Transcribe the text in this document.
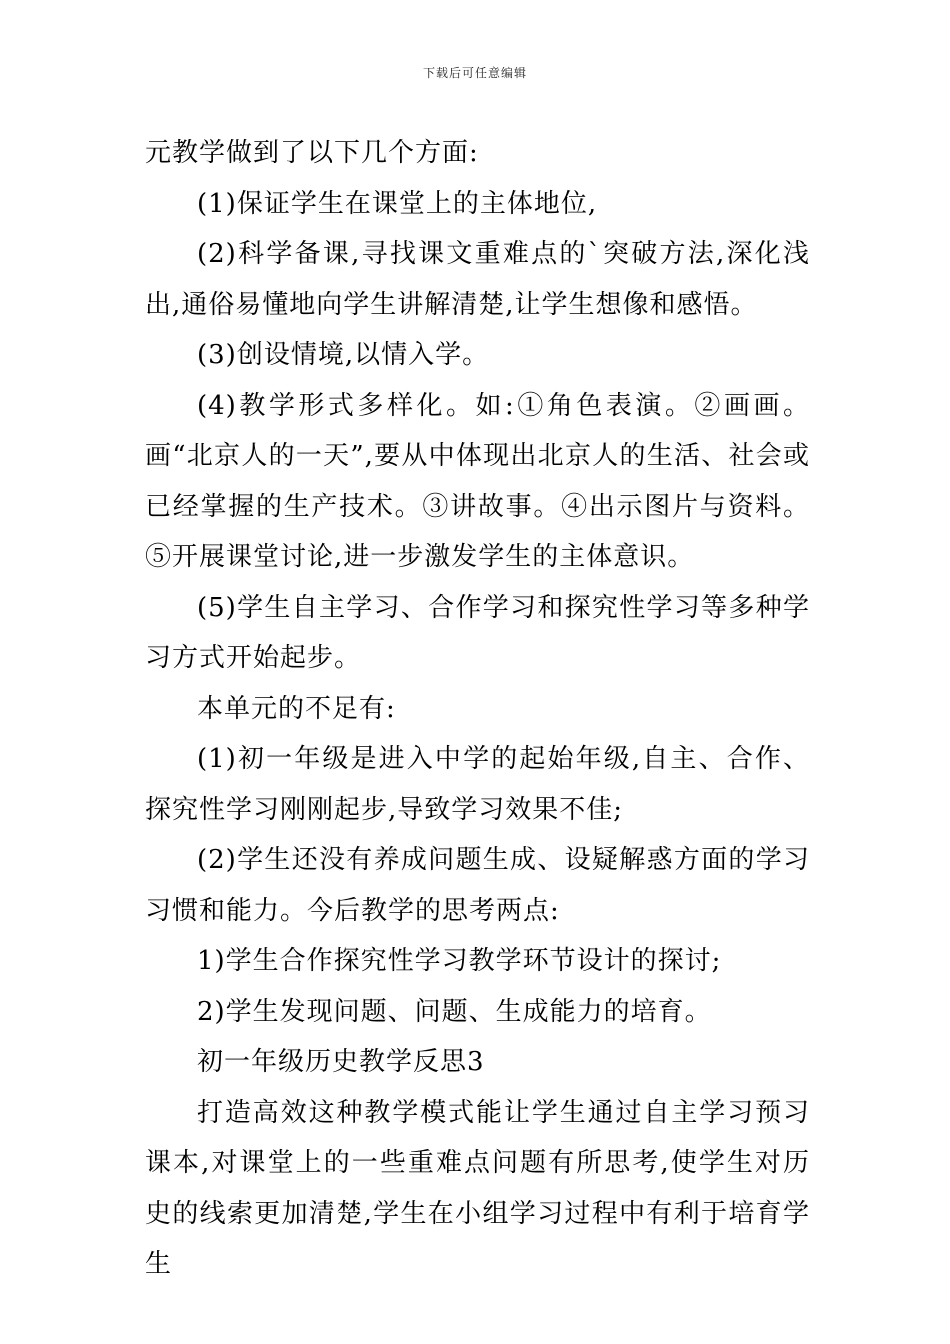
下载后可任意编辑

元教学做到了以下几个方面:

(1)保证学生在课堂上的主体地位,

(2)科学备课,寻找课文重难点的`突破方法,深化浅出,通俗易懂地向学生讲解清楚,让学生想像和感悟。

(3)创设情境,以情入学。

(4)教学形式多样化。如:①角色表演。②画画。画“北京人的一天”,要从中体现出北京人的生活、社会或已经掌握的生产技术。③讲故事。④出示图片与资料。⑤开展课堂讨论,进一步激发学生的主体意识。

(5)学生自主学习、合作学习和探究性学习等多种学习方式开始起步。

本单元的不足有:

(1)初一年级是进入中学的起始年级,自主、合作、探究性学习刚刚起步,导致学习效果不佳;

(2)学生还没有养成问题生成、设疑解惑方面的学习习惯和能力。今后教学的思考两点:

1)学生合作探究性学习教学环节设计的探讨;

2)学生发现问题、问题、生成能力的培育。

初一年级历史教学反思3

打造高效这种教学模式能让学生通过自主学习预习课本,对课堂上的一些重难点问题有所思考,使学生对历史的线索更加清楚,学生在小组学习过程中有利于培育学生
